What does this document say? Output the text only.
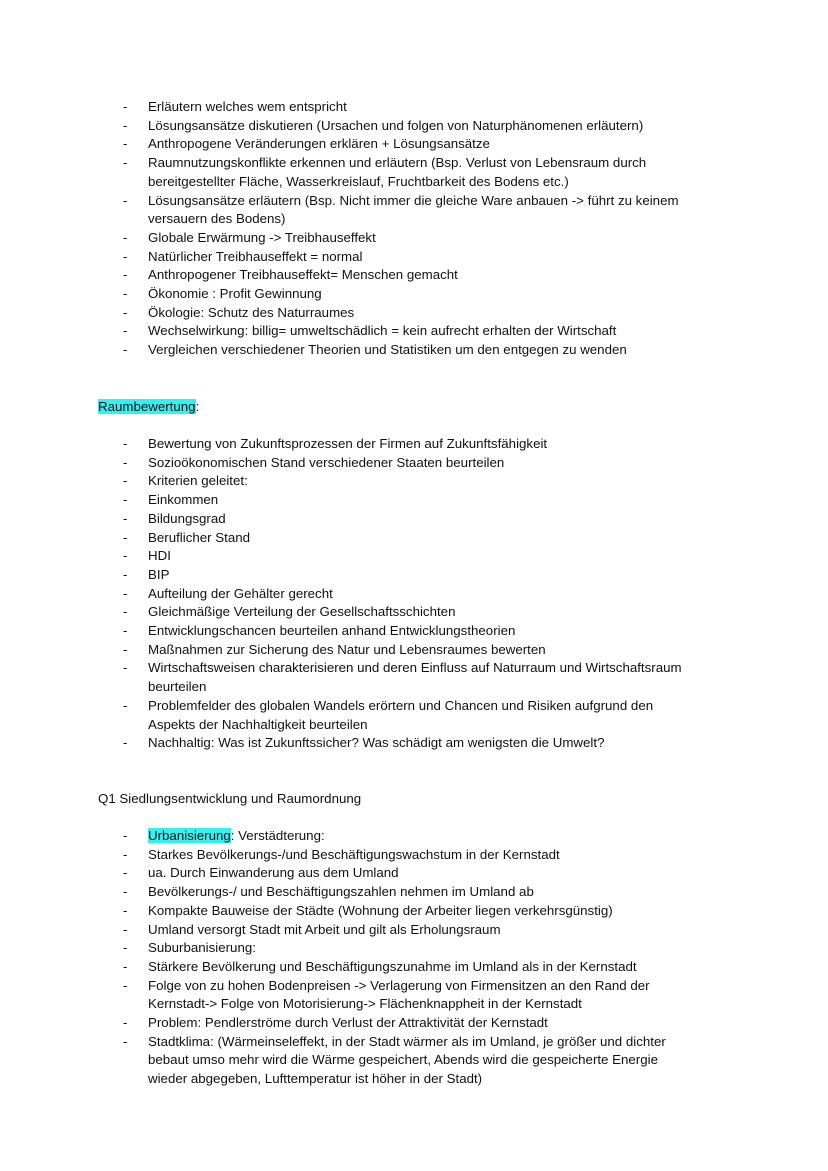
- Erläutern welches wem entspricht
- Lösungsansätze diskutieren (Ursachen und folgen von Naturphänomenen erläutern)
- Anthropogene Veränderungen erklären + Lösungsansätze
- Raumnutzungskonflikte erkennen und erläutern (Bsp. Verlust von Lebensraum durch
bereitgestellter Fläche, Wasserkreislauf, Fruchtbarkeit des Bodens etc.)
- Lösungsansätze erläutern (Bsp. Nicht immer die gleiche Ware anbauen -> führt zu keinem
versauern des Bodens)
- Globale Erwärmung -> Treibhauseffekt
- Natürlicher Treibhauseffekt = normal
- Anthropogener Treibhauseffekt= Menschen gemacht
- Ökonomie : Profit Gewinnung
- Ökologie: Schutz des Naturraumes
- Wechselwirkung: billig= umweltschädlich = kein aufrecht erhalten der Wirtschaft
- Vergleichen verschiedener Theorien und Statistiken um den entgegen zu wenden
Raumbewertung:
- Bewertung von Zukunftsprozessen der Firmen auf Zukunftsfähigkeit
- Sozioökonomischen Stand verschiedener Staaten beurteilen
- Kriterien geleitet:
- Einkommen
- Bildungsgrad
- Beruflicher Stand
- HDI
- BIP
- Aufteilung der Gehälter gerecht
- Gleichmäßige Verteilung der Gesellschaftsschichten
- Entwicklungschancen beurteilen anhand Entwicklungstheorien
- Maßnahmen zur Sicherung des Natur und Lebensraumes bewerten
- Wirtschaftsweisen charakterisieren und deren Einfluss auf Naturraum und Wirtschaftsraum
beurteilen
- Problemfelder des globalen Wandels erörtern und Chancen und Risiken aufgrund den
Aspekts der Nachhaltigkeit beurteilen
- Nachhaltig: Was ist Zukunftssicher? Was schädigt am wenigsten die Umwelt?
Q1 Siedlungsentwicklung und Raumordnung
- Urbanisierung: Verstädterung:
- Starkes Bevölkerungs-/und Beschäftigungswachstum in der Kernstadt
- ua. Durch Einwanderung aus dem Umland
- Bevölkerungs-/ und Beschäftigungszahlen nehmen im Umland ab
- Kompakte Bauweise der Städte (Wohnung der Arbeiter liegen verkehrsgünstig)
- Umland versorgt Stadt mit Arbeit und gilt als Erholungsraum
- Suburbanisierung:
- Stärkere Bevölkerung und Beschäftigungszunahme im Umland als in der Kernstadt
- Folge von zu hohen Bodenpreisen -> Verlagerung von Firmensitzen an den Rand der
Kernstadt-> Folge von Motorisierung-> Flächenknappheit in der Kernstadt
- Problem: Pendlerströme durch Verlust der Attraktivität der Kernstadt
- Stadtklima: (Wärmeinseleffekt, in der Stadt wärmer als im Umland, je größer und dichter
bebaut umso mehr wird die Wärme gespeichert, Abends wird die gespeicherte Energie
wieder abgegeben, Lufttemperatur ist höher in der Stadt)
